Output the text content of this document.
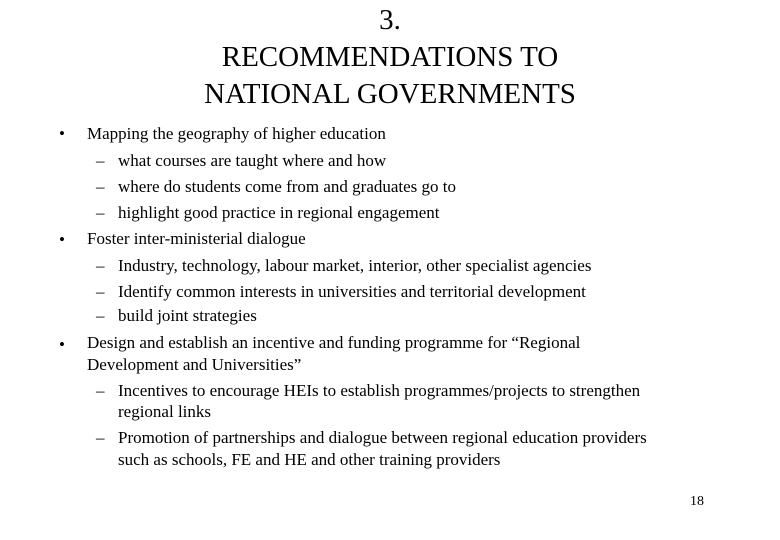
3.
RECOMMENDATIONS TO
NATIONAL GOVERNMENTS
• Mapping the geography of higher education
– what courses are taught where and how
– where do students come from and graduates go to
– highlight good practice in regional engagement
• Foster inter-ministerial dialogue
– Industry, technology, labour market, interior, other specialist agencies
– Identify common interests in universities and territorial development
– build joint strategies
• Design and establish an incentive and funding programme for “Regional
Development and Universities”
– Incentives to encourage HEIs to establish programmes/projects to strengthen
regional links
– Promotion of partnerships and dialogue between regional education providers
such as schools, FE and HE and other training providers
18
